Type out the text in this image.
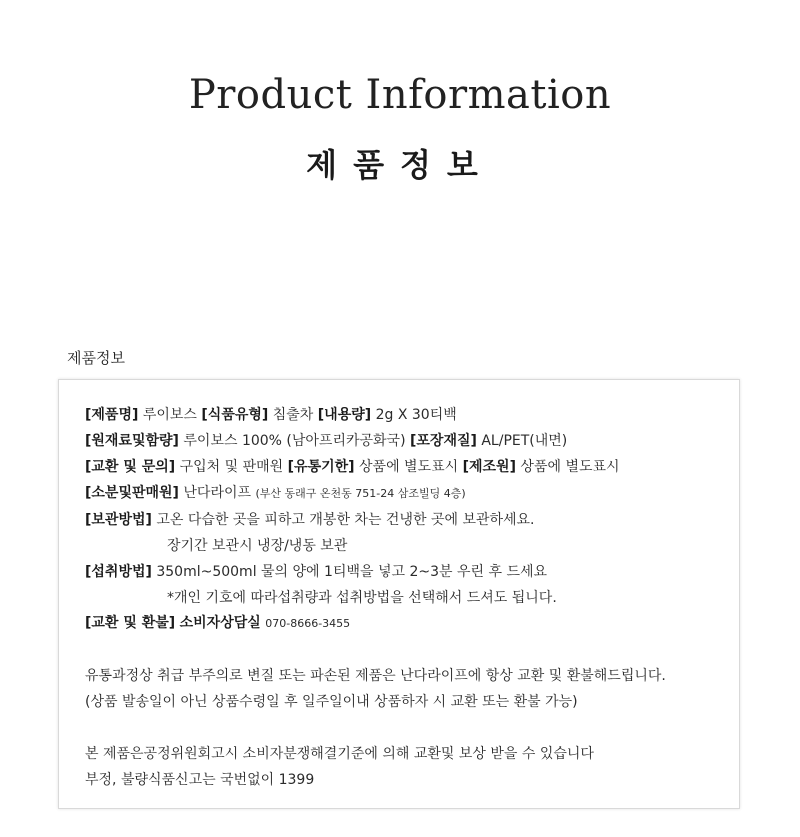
Product Information
제품정보
제품정보
[제품명] 루이보스 [식품유형] 침출차 [내용량] 2g X 30티백
[원재료및함량] 루이보스 100% (남아프리카공화국) [포장재질] AL/PET(내면)
[교환 및 문의] 구입처 및 판매원 [유통기한] 상품에 별도표시 [제조원] 상품에 별도표시
[소분및판매원] 난다라이프 (부산 동래구 온천동 751-24 삼조빌딩 4층)
[보관방법] 고온 다습한 곳을 피하고 개봉한 차는 건냉한 곳에 보관하세요.
장기간 보관시 냉장/냉동 보관
[섭취방법] 350ml~500ml 물의 양에 1티백을 넣고 2~3분 우린 후 드세요
*개인 기호에 따라섭취량과 섭취방법을 선택해서 드셔도 됩니다.
[교환 및 환불] 소비자상담실 070-8666-3455
유통과정상 취급 부주의로 변질 또는 파손된 제품은 난다라이프에 항상 교환 및 환불해드립니다.
(상품 발송일이 아닌 상품수령일 후 일주일이내 상품하자 시 교환 또는 환불 가능)
본 제품은공정위원회고시 소비자분쟁해결기준에 의해 교환및 보상 받을 수 있습니다
부정, 불량식품신고는 국번없이 1399
